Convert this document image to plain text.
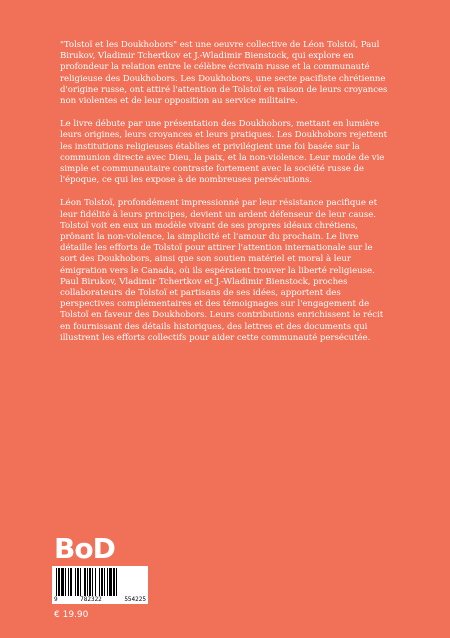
"Tolstoï et les Doukhobors" est une oeuvre collective de Léon Tolstoï, Paul Birukov, Vladimir Tchertkov et J.-Wladimir Bienstock, qui explore en profondeur la relation entre le célèbre écrivain russe et la communauté religieuse des Doukhobors. Les Doukhobors, une secte pacifiste chrétienne d'origine russe, ont attiré l'attention de Tolstoï en raison de leurs croyances non violentes et de leur opposition au service militaire.

Le livre débute par une présentation des Doukhobors, mettant en lumière leurs origines, leurs croyances et leurs pratiques. Les Doukhobors rejettent les institutions religieuses établies et privilégient une foi basée sur la communion directe avec Dieu, la paix, et la non-violence. Leur mode de vie simple et communautaire contraste fortement avec la société russe de l'époque, ce qui les expose à de nombreuses persécutions.

Léon Tolstoï, profondément impressionné par leur résistance pacifique et leur fidélité à leurs principes, devient un ardent défenseur de leur cause. Tolstoï voit en eux un modèle vivant de ses propres idéaux chrétiens, prônant la non-violence, la simplicité et l'amour du prochain. Le livre détaille les efforts de Tolstoï pour attirer l'attention internationale sur le sort des Doukhobors, ainsi que son soutien matériel et moral à leur émigration vers le Canada, où ils espéraient trouver la liberté religieuse. Paul Birukov, Vladimir Tchertkov et J.-Wladimir Bienstock, proches collaborateurs de Tolstoï et partisans de ses idées, apportent des perspectives complémentaires et des témoignages sur l'engagement de Tolstoï en faveur des Doukhobors. Leurs contributions enrichissent le récit en fournissant des détails historiques, des lettres et des documents qui illustrent les efforts collectifs pour aider cette communauté persécutée.

BoD
9	782322	554225
€ 19.90
